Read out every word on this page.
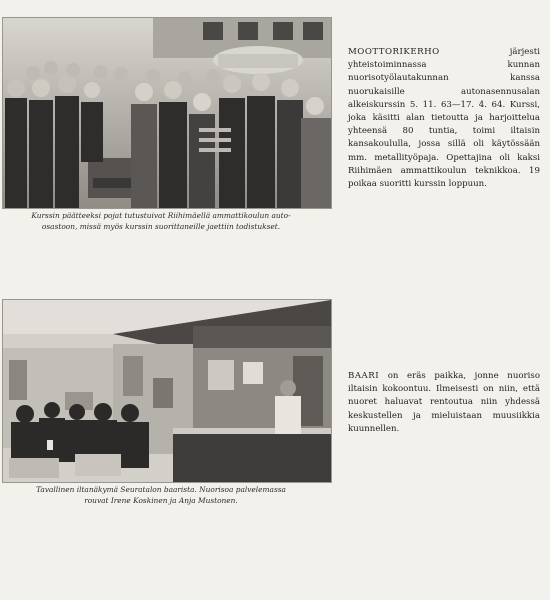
Kurssin päätteeksi pojat tutustuivat Riihimäellä ammattikoulun auto-osastoon, missä myös kurssin suorittaneille jaettiin todistukset.
MOOTTORIKERHO järjesti yhteistoiminnassa kunnan nuorisotyölautakunnan kanssa nuorukaisille autonasennusalan alkeiskurssin 5. 11. 63—17. 4. 64. Kurssi, joka käsitti alan tietoutta ja harjoittelua yhteensä 80 tuntia, toimi iltaisin kansakoululla, jossa sillä oli käytössään mm. metallityöpaja. Opettajina oli kaksi Riihimäen ammattikoulun teknikkoa. 19 poikaa suoritti kurssin loppuun.
Tavallinen iltanäkymä Seuratalon baarista. Nuorisoa palvelemassa rouvat Irene Koskinen ja Anja Mustonen.
BAARI on eräs paikka, jonne nuoriso iltaisin kokoontuu. Ilmeisesti on niin, että nuoret haluavat rentoutua niin yhdessä keskustellen ja mieluistaan muusiikkia kuunnellen.
